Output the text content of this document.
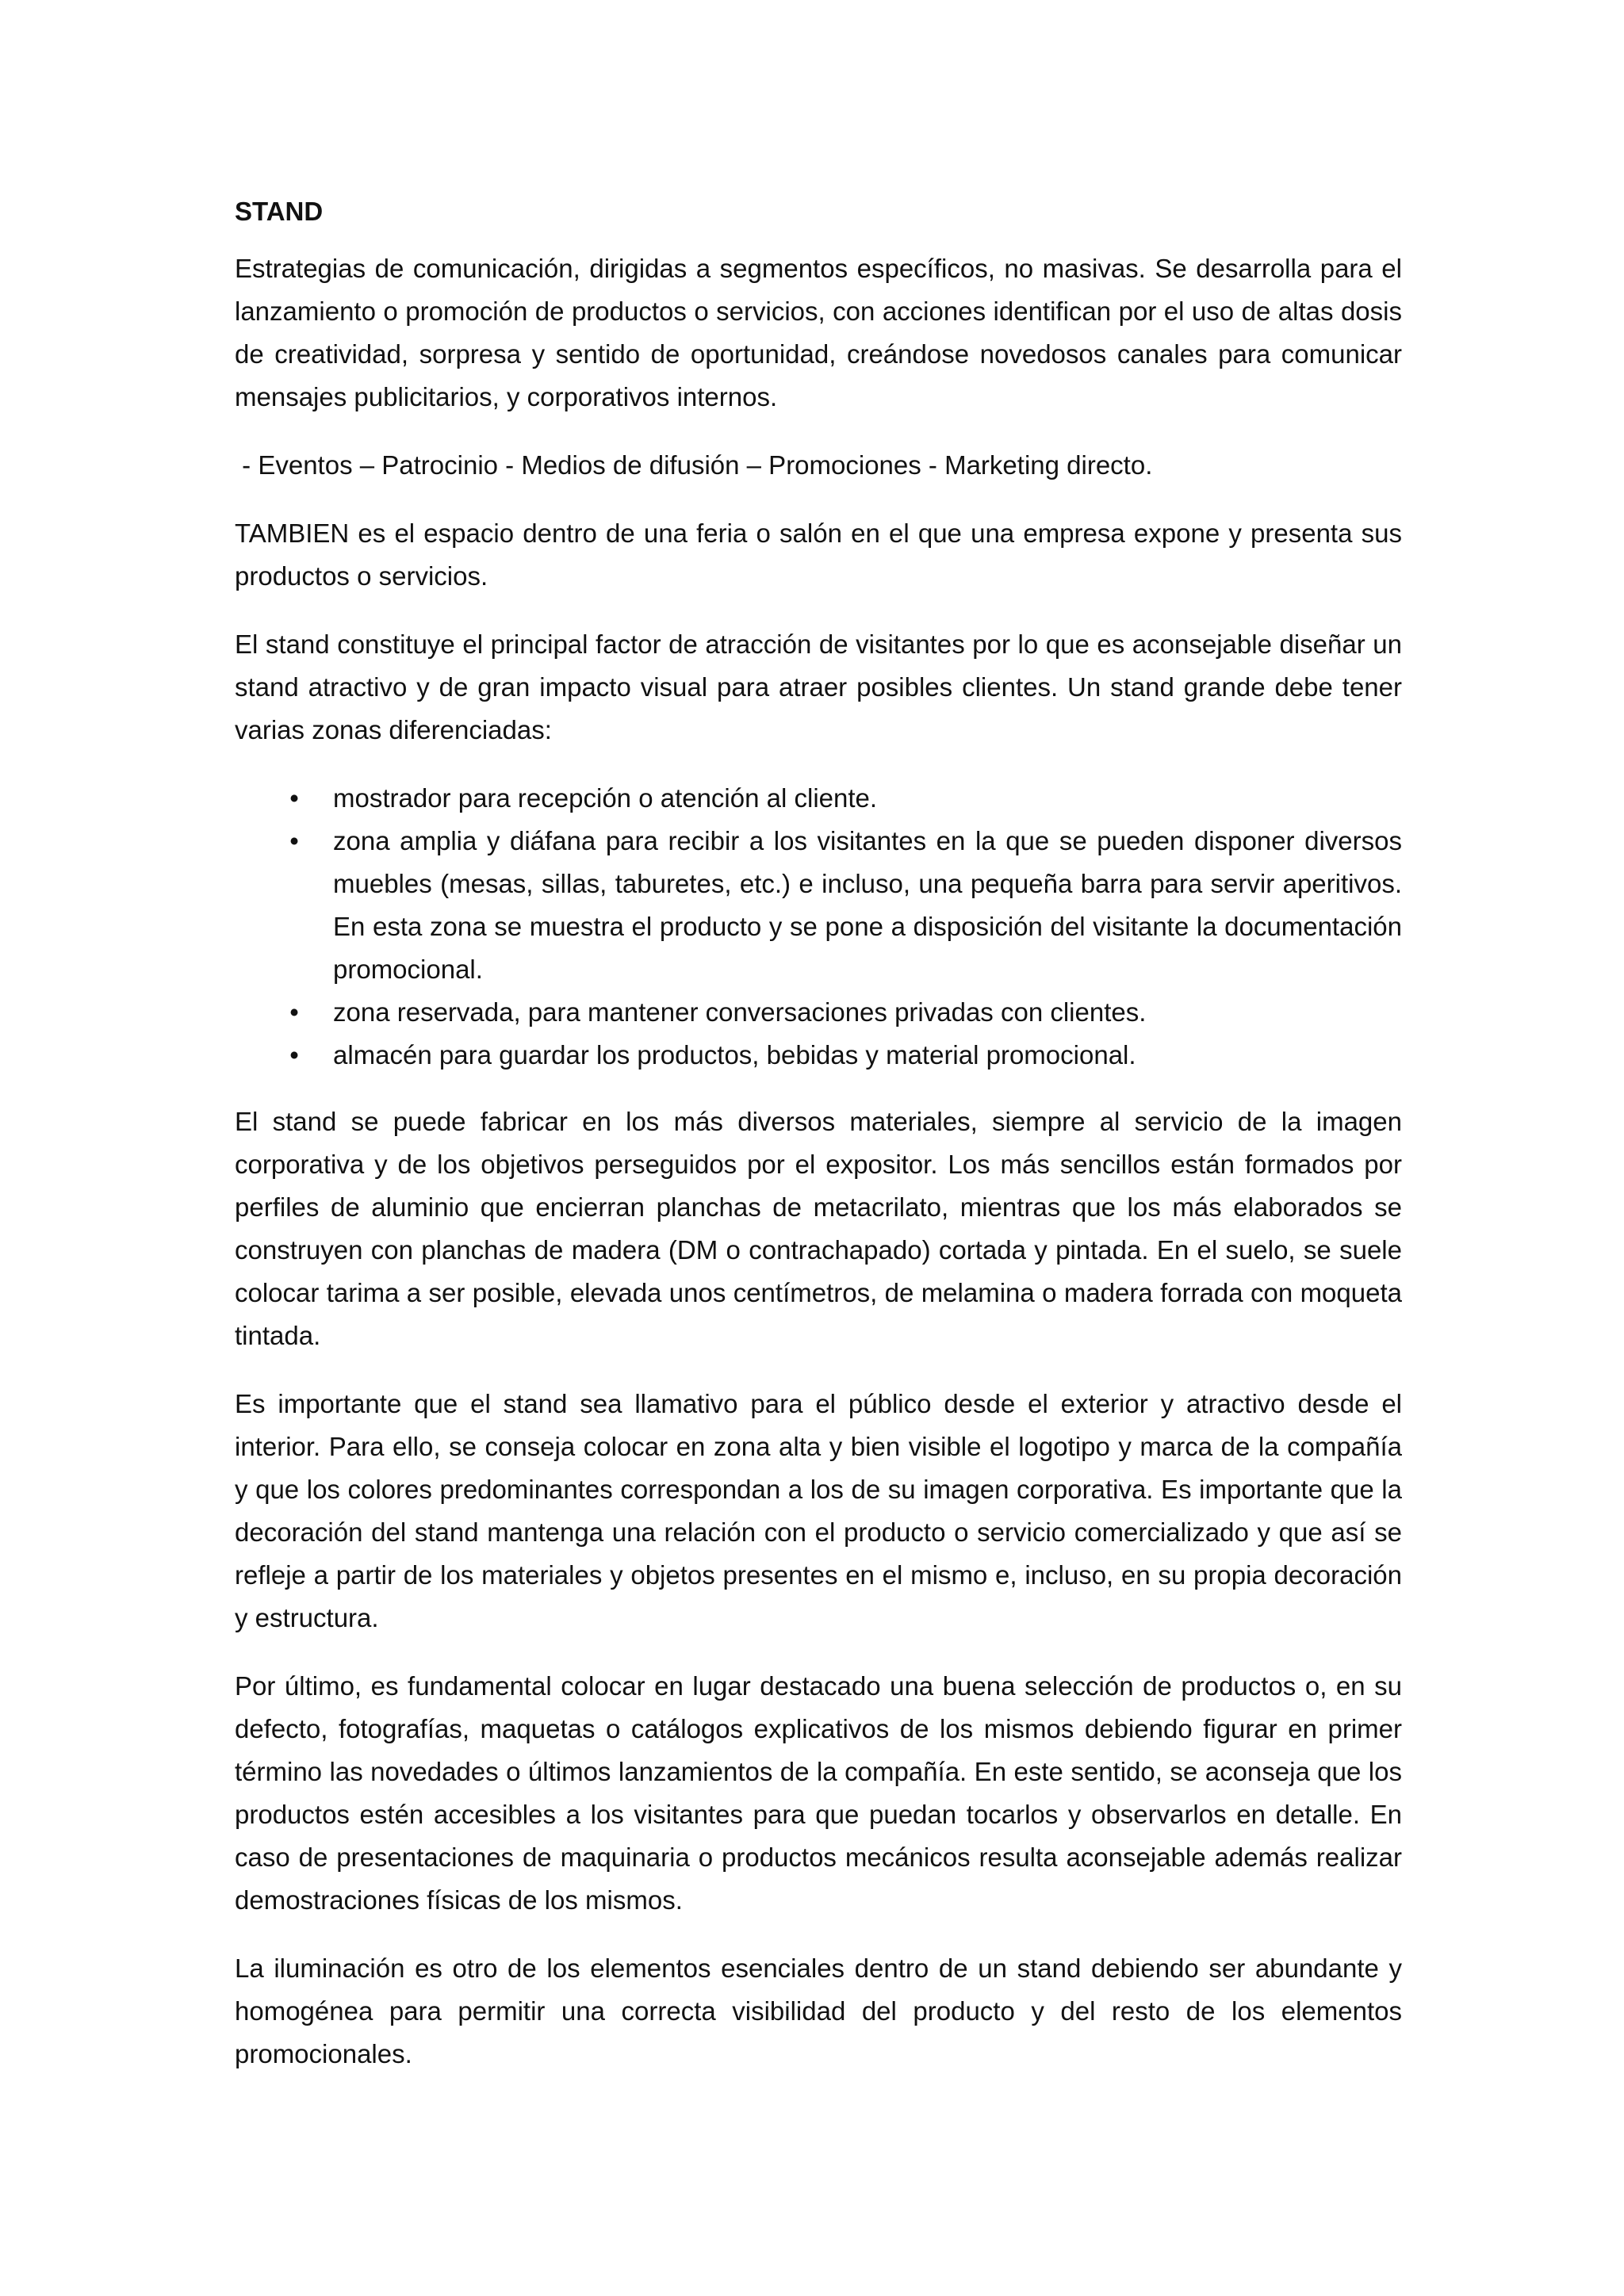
STAND

Estrategias de comunicación, dirigidas a segmentos específicos, no masivas. Se desarrolla para el lanzamiento o promoción de productos o servicios, con acciones identifican por el uso de altas dosis de creatividad, sorpresa y sentido de oportunidad, creándose novedosos canales para comunicar mensajes publicitarios, y corporativos internos.

- Eventos – Patrocinio - Medios de difusión – Promociones - Marketing directo.

TAMBIEN es el espacio dentro de una feria o salón en el que una empresa expone y presenta sus productos o servicios.

El stand constituye el principal factor de atracción de visitantes por lo que es aconsejable diseñar un stand atractivo y de gran impacto visual para atraer posibles clientes. Un stand grande debe tener varias zonas diferenciadas:

• mostrador para recepción o atención al cliente.
• zona amplia y diáfana para recibir a los visitantes en la que se pueden disponer diversos muebles (mesas, sillas, taburetes, etc.) e incluso, una pequeña barra para servir aperitivos. En esta zona se muestra el producto y se pone a disposición del visitante la documentación promocional.
• zona reservada, para mantener conversaciones privadas con clientes.
• almacén para guardar los productos, bebidas y material promocional.

El stand se puede fabricar en los más diversos materiales, siempre al servicio de la imagen corporativa y de los objetivos perseguidos por el expositor. Los más sencillos están formados por perfiles de aluminio que encierran planchas de metacrilato, mientras que los más elaborados se construyen con planchas de madera (DM o contrachapado) cortada y pintada. En el suelo, se suele colocar tarima a ser posible, elevada unos centímetros, de melamina o madera forrada con moqueta tintada.

Es importante que el stand sea llamativo para el público desde el exterior y atractivo desde el interior. Para ello, se conseja colocar en zona alta y bien visible el logotipo y marca de la compañía y que los colores predominantes correspondan a los de su imagen corporativa. Es importante que la decoración del stand mantenga una relación con el producto o servicio comercializado y que así se refleje a partir de los materiales y objetos presentes en el mismo e, incluso, en su propia decoración y estructura.

Por último, es fundamental colocar en lugar destacado una buena selección de productos o, en su defecto, fotografías, maquetas o catálogos explicativos de los mismos debiendo figurar en primer término las novedades o últimos lanzamientos de la compañía. En este sentido, se aconseja que los productos estén accesibles a los visitantes para que puedan tocarlos y observarlos en detalle. En caso de presentaciones de maquinaria o productos mecánicos resulta aconsejable además realizar demostraciones físicas de los mismos.

La iluminación es otro de los elementos esenciales dentro de un stand debiendo ser abundante y homogénea para permitir una correcta visibilidad del producto y del resto de los elementos promocionales.
